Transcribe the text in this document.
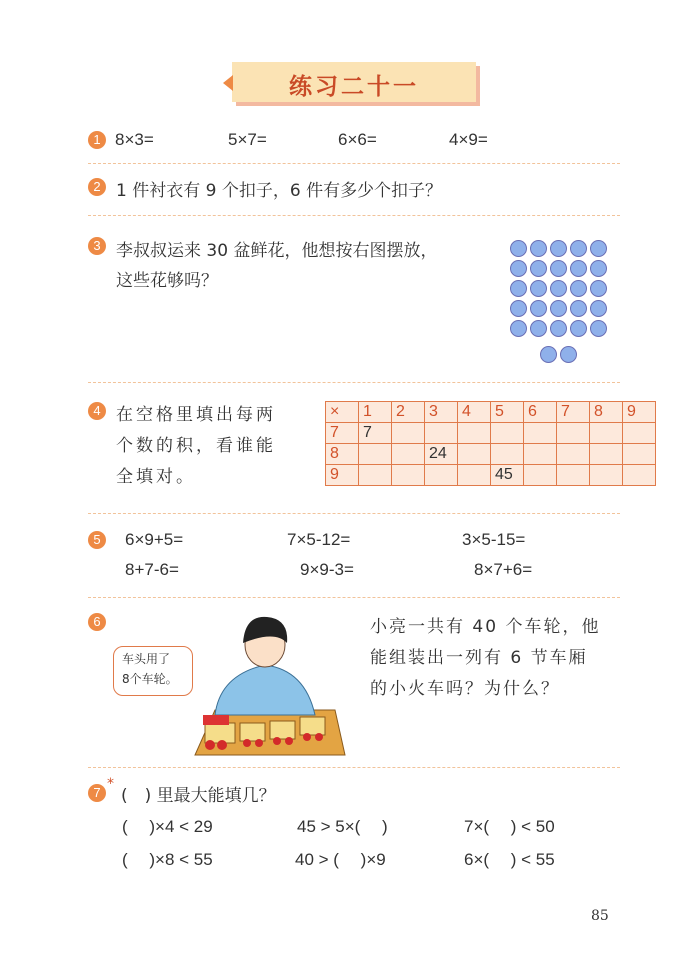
练习二十一
1 8×3=	5×7=	6×6=	4×9=
2 1 件衬衣有 9 个扣子，6 件有多少个扣子？
3 李叔叔运来 30 盆鲜花，他想按右图摆放，
这些花够吗？
4 在空格里填出每两
个数的积，看谁能
全填对。
×	1	2	3	4	5	6	7	8	9
7	7								
8			24						
9					45				
5	6×9+5=	7×5-12=	3×5-15=
8+7-6=	9×9-3=	8×7+6=
6
车头用了
8个车轮。
小亮一共有 40 个车轮，他
能组装出一列有 6 节车厢
的小火车吗？为什么？
7
*
(　) 里最大能填几？
(　 )×4 < 29	45 > 5×(　 )	7×(　 ) < 50
(　 )×8 < 55	40 > (　 )×9	6×(　 ) < 55
85
